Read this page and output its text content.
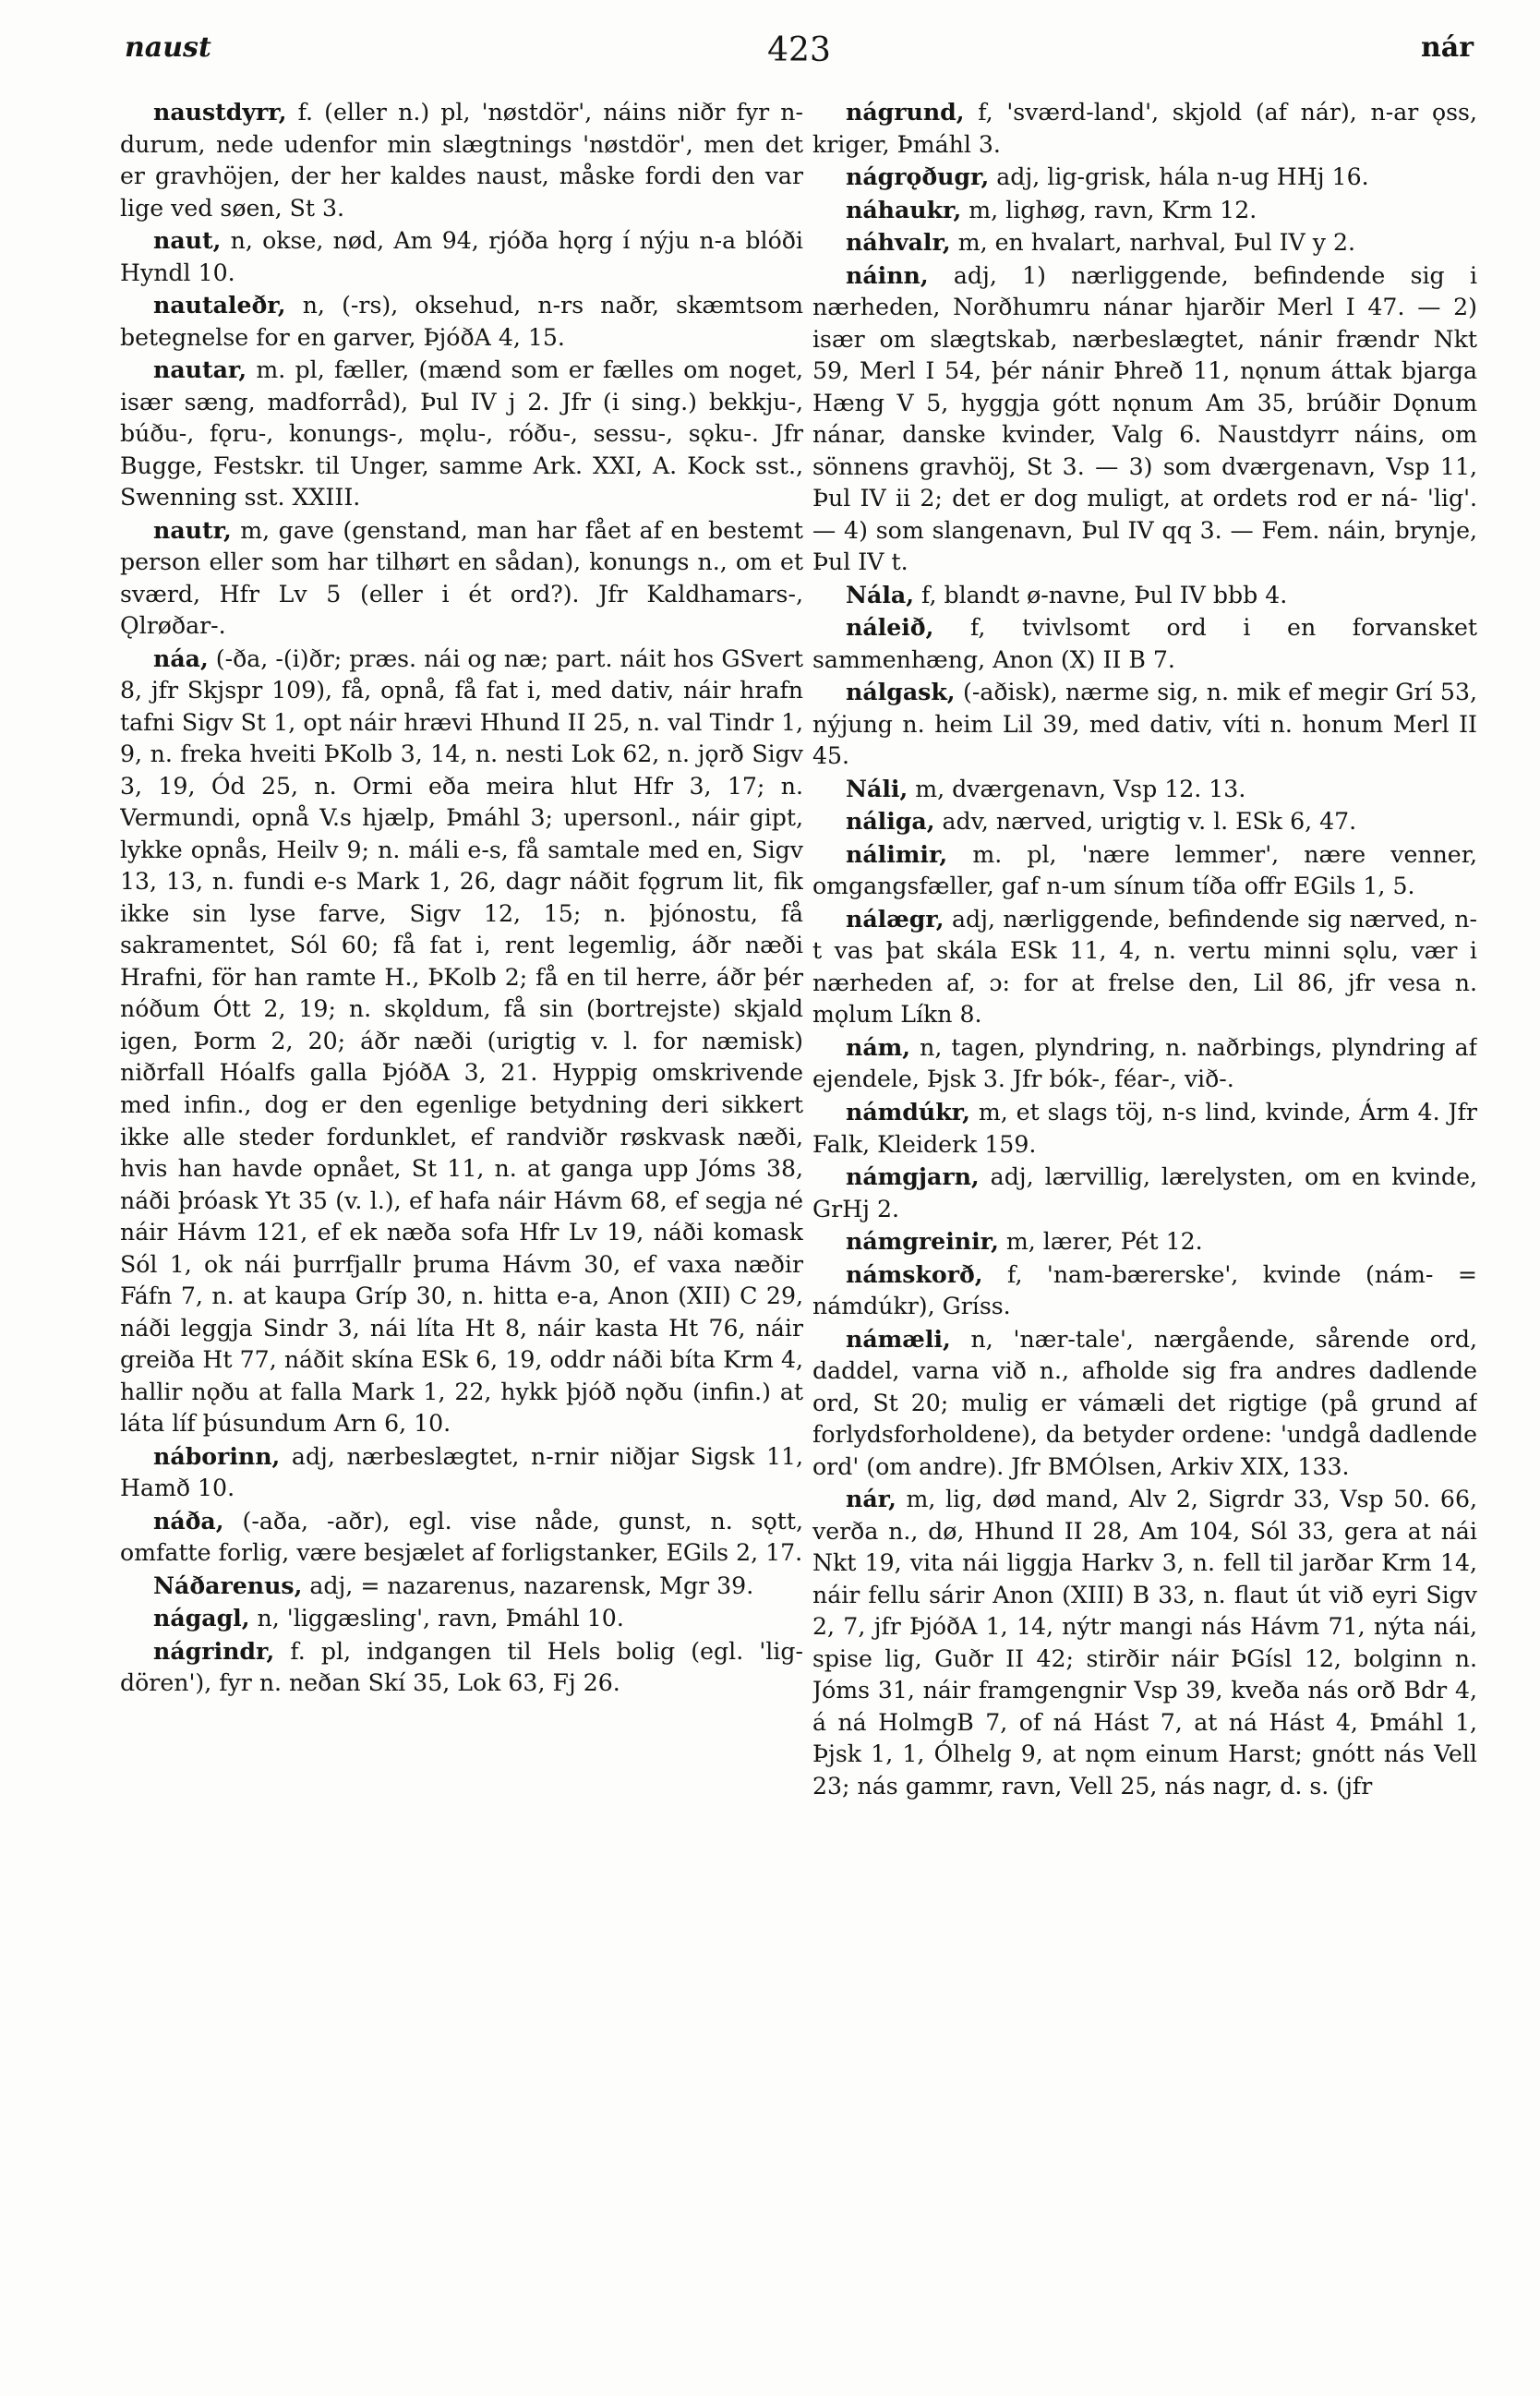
naust	423	nár

naustdyrr, f. (eller n.) pl, 'nøstdör', náins niðr fyr n-durum, nede udenfor min slægtnings 'nøstdör', men det er gravhöjen, der her kaldes naust, måske fordi den var lige ved søen, St 3.

naut, n, okse, nød, Am 94, rjóða hǫrg í nýju n-a blóði Hyndl 10.

nautaleðr, n, (-rs), oksehud, n-rs naðr, skæmtsom betegnelse for en garver, ÞjóðA 4, 15.

nautar, m. pl, fæller, (mænd som er fælles om noget, især sæng, madforråd), Þul IV j 2. Jfr (i sing.) bekkju-, búðu-, fǫru-, konungs-, mǫlu-, róðu-, sessu-, sǫku-. Jfr Bugge, Festskr. til Unger, samme Ark. XXI, A. Kock sst., Swenning sst. XXIII.

nautr, m, gave (genstand, man har fået af en bestemt person eller som har tilhørt en sådan), konungs n., om et sværd, Hfr Lv 5 (eller i ét ord?). Jfr Kaldhamars-, Ǫlrøðar-.

náa, (-ða, -(i)ðr; præs. nái og næ; part. náit hos GSvert 8, jfr Skjspr 109), få, opnå, få fat i, med dativ, náir hrafn tafni Sigv St 1, opt náir hrævi Hhund II 25, n. val Tindr 1, 9, n. freka hveiti ÞKolb 3, 14, n. nesti Lok 62, n. jǫrð Sigv 3, 19, Ód 25, n. Ormi eða meira hlut Hfr 3, 17; n. Vermundi, opnå V.s hjælp, Þmáhl 3; upersonl., náir gipt, lykke opnås, Heilv 9; n. máli e-s, få samtale med en, Sigv 13, 13, n. fundi e-s Mark 1, 26, dagr náðit fǫgrum lit, fik ikke sin lyse farve, Sigv 12, 15; n. þjónostu, få sakramentet, Sól 60; få fat i, rent legemlig, áðr næði Hrafni, för han ramte H., ÞKolb 2; få en til herre, áðr þér nóðum Ótt 2, 19; n. skǫldum, få sin (bortrejste) skjald igen, Þorm 2, 20; áðr næði (urigtig v. l. for næmisk) niðrfall Hóalfs galla ÞjóðA 3, 21. Hyppig omskrivende med infin., dog er den egenlige betydning deri sikkert ikke alle steder fordunklet, ef randviðr røskvask næði, hvis han havde opnået, St 11, n. at ganga upp Jóms 38, náði þróask Yt 35 (v. l.), ef hafa náir Hávm 68, ef segja né náir Hávm 121, ef ek næða sofa Hfr Lv 19, náði komask Sól 1, ok nái þurrfjallr þruma Hávm 30, ef vaxa næðir Fáfn 7, n. at kaupa Gríp 30, n. hitta e-a, Anon (XII) C 29, náði leggja Sindr 3, nái líta Ht 8, náir kasta Ht 76, náir greiða Ht 77, náðit skína ESk 6, 19, oddr náði bíta Krm 4, hallir nǫðu at falla Mark 1, 22, hykk þjóð nǫðu (infin.) at láta líf þúsundum Arn 6, 10.

náborinn, adj, nærbeslægtet, n-rnir niðjar Sigsk 11, Hamð 10.

náða, (-aða, -aðr), egl. vise nåde, gunst, n. sǫtt, omfatte forlig, være besjælet af forligstanker, EGils 2, 17.

Náðarenus, adj, = nazarenus, nazarensk, Mgr 39.

nágagl, n, 'liggæsling', ravn, Þmáhl 10.

nágrindr, f. pl, indgangen til Hels bolig (egl. 'lig-dören'), fyr n. neðan Skí 35, Lok 63, Fj 26.

nágrund, f, 'sværd-land', skjold (af nár), n-ar ǫss, kriger, Þmáhl 3.

nágrǫðugr, adj, lig-grisk, hála n-ug HHj 16.

náhaukr, m, lighøg, ravn, Krm 12.

náhvalr, m, en hvalart, narhval, Þul IV y 2.

náinn, adj, 1) nærliggende, befindende sig i nærheden, Norðhumru nánar hjarðir Merl I 47. — 2) især om slægtskab, nærbeslægtet, nánir frændr Nkt 59, Merl I 54, þér nánir Þhreð 11, nǫnum áttak bjarga Hæng V 5, hyggja gótt nǫnum Am 35, brúðir Dǫnum nánar, danske kvinder, Valg 6. Naustdyrr náins, om sönnens gravhöj, St 3. — 3) som dværgenavn, Vsp 11, Þul IV ii 2; det er dog muligt, at ordets rod er ná- 'lig'. — 4) som slangenavn, Þul IV qq 3. — Fem. náin, brynje, Þul IV t.

Nála, f, blandt ø-navne, Þul IV bbb 4.

náleið, f, tvivlsomt ord i en forvansket sammenhæng, Anon (X) II B 7.

nálgask, (-aðisk), nærme sig, n. mik ef megir Grí 53, nýjung n. heim Lil 39, med dativ, víti n. honum Merl II 45.

Náli, m, dværgenavn, Vsp 12. 13.

náliga, adv, nærved, urigtig v. l. ESk 6, 47.

nálimir, m. pl, 'nære lemmer', nære venner, omgangsfæller, gaf n-um sínum tíða offr EGils 1, 5.

nálægr, adj, nærliggende, befindende sig nærved, n-t vas þat skála ESk 11, 4, n. vertu minni sǫlu, vær i nærheden af, ɔ: for at frelse den, Lil 86, jfr vesa n. mǫlum Líkn 8.

nám, n, tagen, plyndring, n. naðrbings, plyndring af ejendele, Þjsk 3. Jfr bók-, féar-, við-.

námdúkr, m, et slags töj, n-s lind, kvinde, Árm 4. Jfr Falk, Kleiderk 159.

námgjarn, adj, lærvillig, lærelysten, om en kvinde, GrHj 2.

námgreinir, m, lærer, Pét 12.

námskorð, f, 'nam-bærerske', kvinde (nám- = námdúkr), Gríss.

námæli, n, 'nær-tale', nærgående, sårende ord, daddel, varna við n., afholde sig fra andres dadlende ord, St 20; mulig er vámæli det rigtige (på grund af forlydsforholdene), da betyder ordene: 'undgå dadlende ord' (om andre). Jfr BMÓlsen, Arkiv XIX, 133.

nár, m, lig, død mand, Alv 2, Sigrdr 33, Vsp 50. 66, verða n., dø, Hhund II 28, Am 104, Sól 33, gera at nái Nkt 19, vita nái liggja Harkv 3, n. fell til jarðar Krm 14, náir fellu sárir Anon (XIII) B 33, n. flaut út við eyri Sigv 2, 7, jfr ÞjóðA 1, 14, nýtr mangi nás Hávm 71, nýta nái, spise lig, Guðr II 42; stirðir náir ÞGísl 12, bolginn n. Jóms 31, náir framgengnir Vsp 39, kveða nás orð Bdr 4, á ná HolmgB 7, of ná Hást 7, at ná Hást 4, Þmáhl 1, Þjsk 1, 1, Ólhelg 9, at nǫm einum Harst; gnótt nás Vell 23; nás gammr, ravn, Vell 25, nás nagr, d. s. (jfr
